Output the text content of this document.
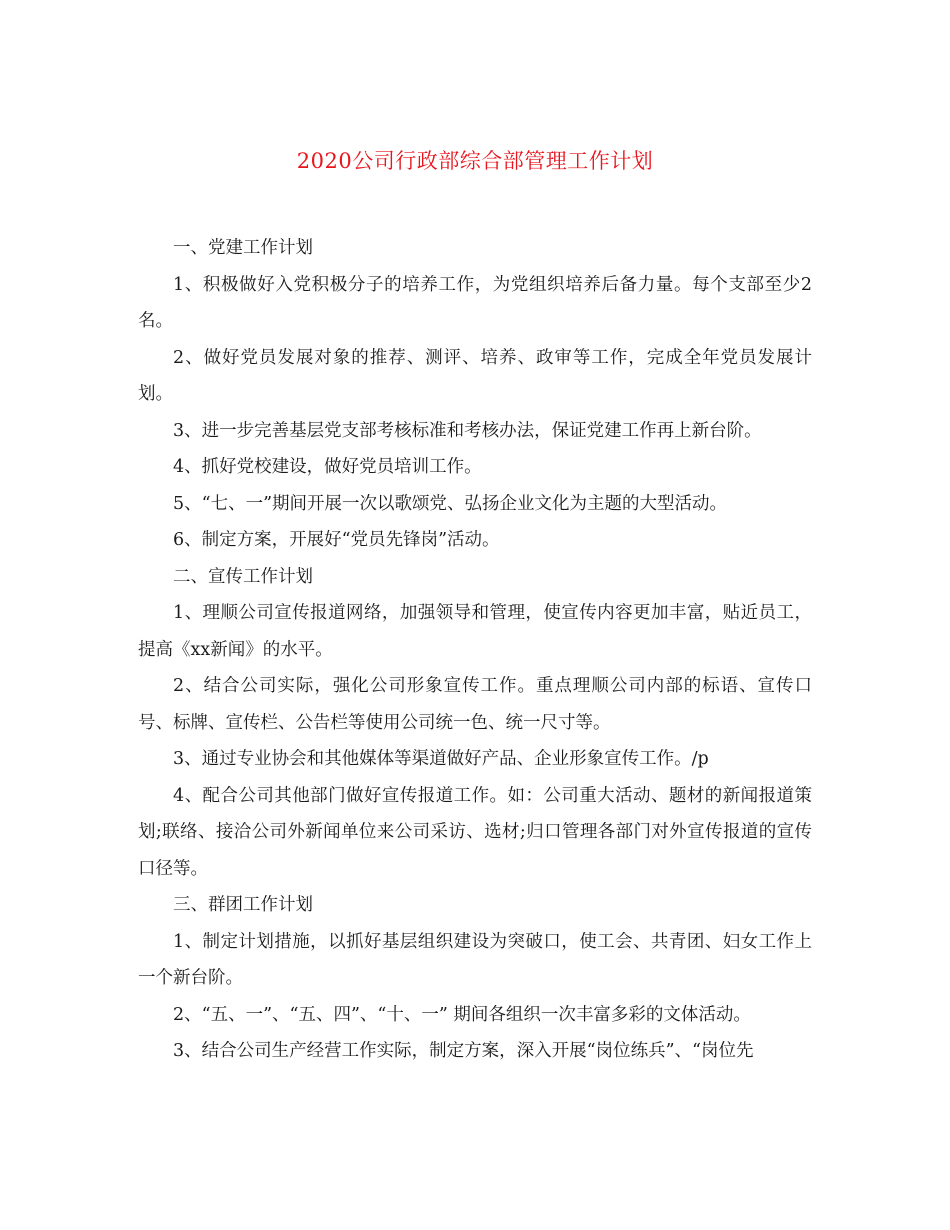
2020公司行政部综合部管理工作计划

一、党建工作计划

1、积极做好入党积极分子的培养工作，为党组织培养后备力量。每个支部至少2名。

2、做好党员发展对象的推荐、测评、培养、政审等工作，完成全年党员发展计划。

3、进一步完善基层党支部考核标准和考核办法，保证党建工作再上新台阶。

4、抓好党校建设，做好党员培训工作。

5、“七、一”期间开展一次以歌颂党、弘扬企业文化为主题的大型活动。

6、制定方案，开展好“党员先锋岗”活动。

二、宣传工作计划

1、理顺公司宣传报道网络，加强领导和管理，使宣传内容更加丰富，贴近员工，提高《xx新闻》的水平。

2、结合公司实际，强化公司形象宣传工作。重点理顺公司内部的标语、宣传口号、标牌、宣传栏、公告栏等使用公司统一色、统一尺寸等。

3、通过专业协会和其他媒体等渠道做好产品、企业形象宣传工作。/p

4、配合公司其他部门做好宣传报道工作。如：公司重大活动、题材的新闻报道策划;联络、接洽公司外新闻单位来公司采访、选材;归口管理各部门对外宣传报道的宣传口径等。

三、群团工作计划

1、制定计划措施，以抓好基层组织建设为突破口，使工会、共青团、妇女工作上一个新台阶。

2、“五、一”、“五、四”、“十、一” 期间各组织一次丰富多彩的文体活动。

3、结合公司生产经营工作实际，制定方案，深入开展“岗位练兵”、“岗位先
